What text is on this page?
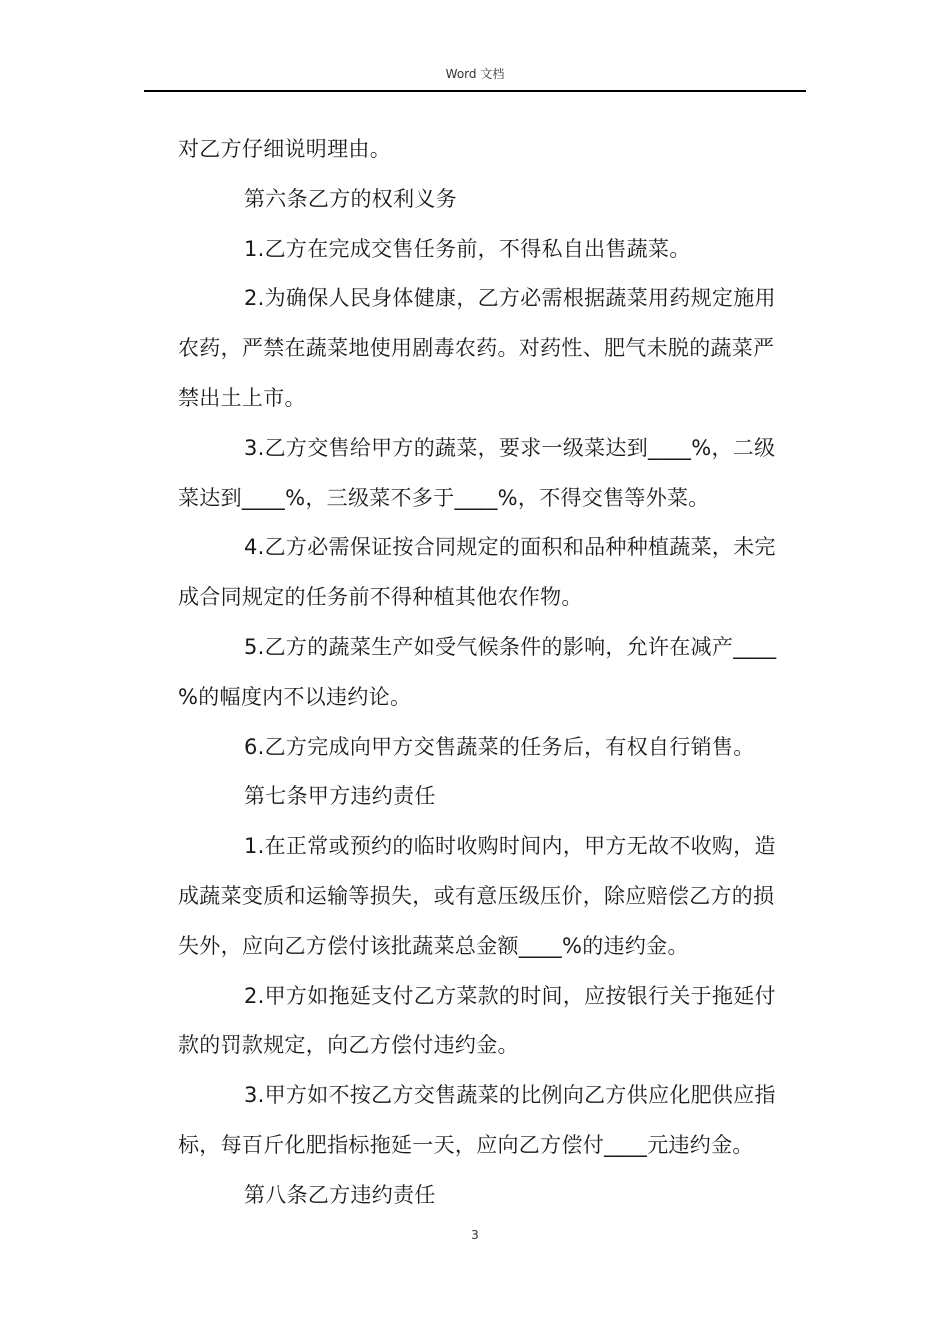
Word 文档
对乙方仔细说明理由。
第六条乙方的权利义务
1.乙方在完成交售任务前，不得私自出售蔬菜。
2.为确保人民身体健康，乙方必需根据蔬菜用药规定施用
农药，严禁在蔬菜地使用剧毒农药。对药性、肥气未脱的蔬菜严
禁出土上市。
3.乙方交售给甲方的蔬菜，要求一级菜达到____%，二级
菜达到____%，三级菜不多于____%，不得交售等外菜。
4.乙方必需保证按合同规定的面积和品种种植蔬菜，未完
成合同规定的任务前不得种植其他农作物。
5.乙方的蔬菜生产如受气候条件的影响，允许在减产____
%的幅度内不以违约论。
6.乙方完成向甲方交售蔬菜的任务后，有权自行销售。
第七条甲方违约责任
1.在正常或预约的临时收购时间内，甲方无故不收购，造
成蔬菜变质和运输等损失，或有意压级压价，除应赔偿乙方的损
失外，应向乙方偿付该批蔬菜总金额____%的违约金。
2.甲方如拖延支付乙方菜款的时间，应按银行关于拖延付
款的罚款规定，向乙方偿付违约金。
3.甲方如不按乙方交售蔬菜的比例向乙方供应化肥供应指
标，每百斤化肥指标拖延一天，应向乙方偿付____元违约金。
第八条乙方违约责任
3
